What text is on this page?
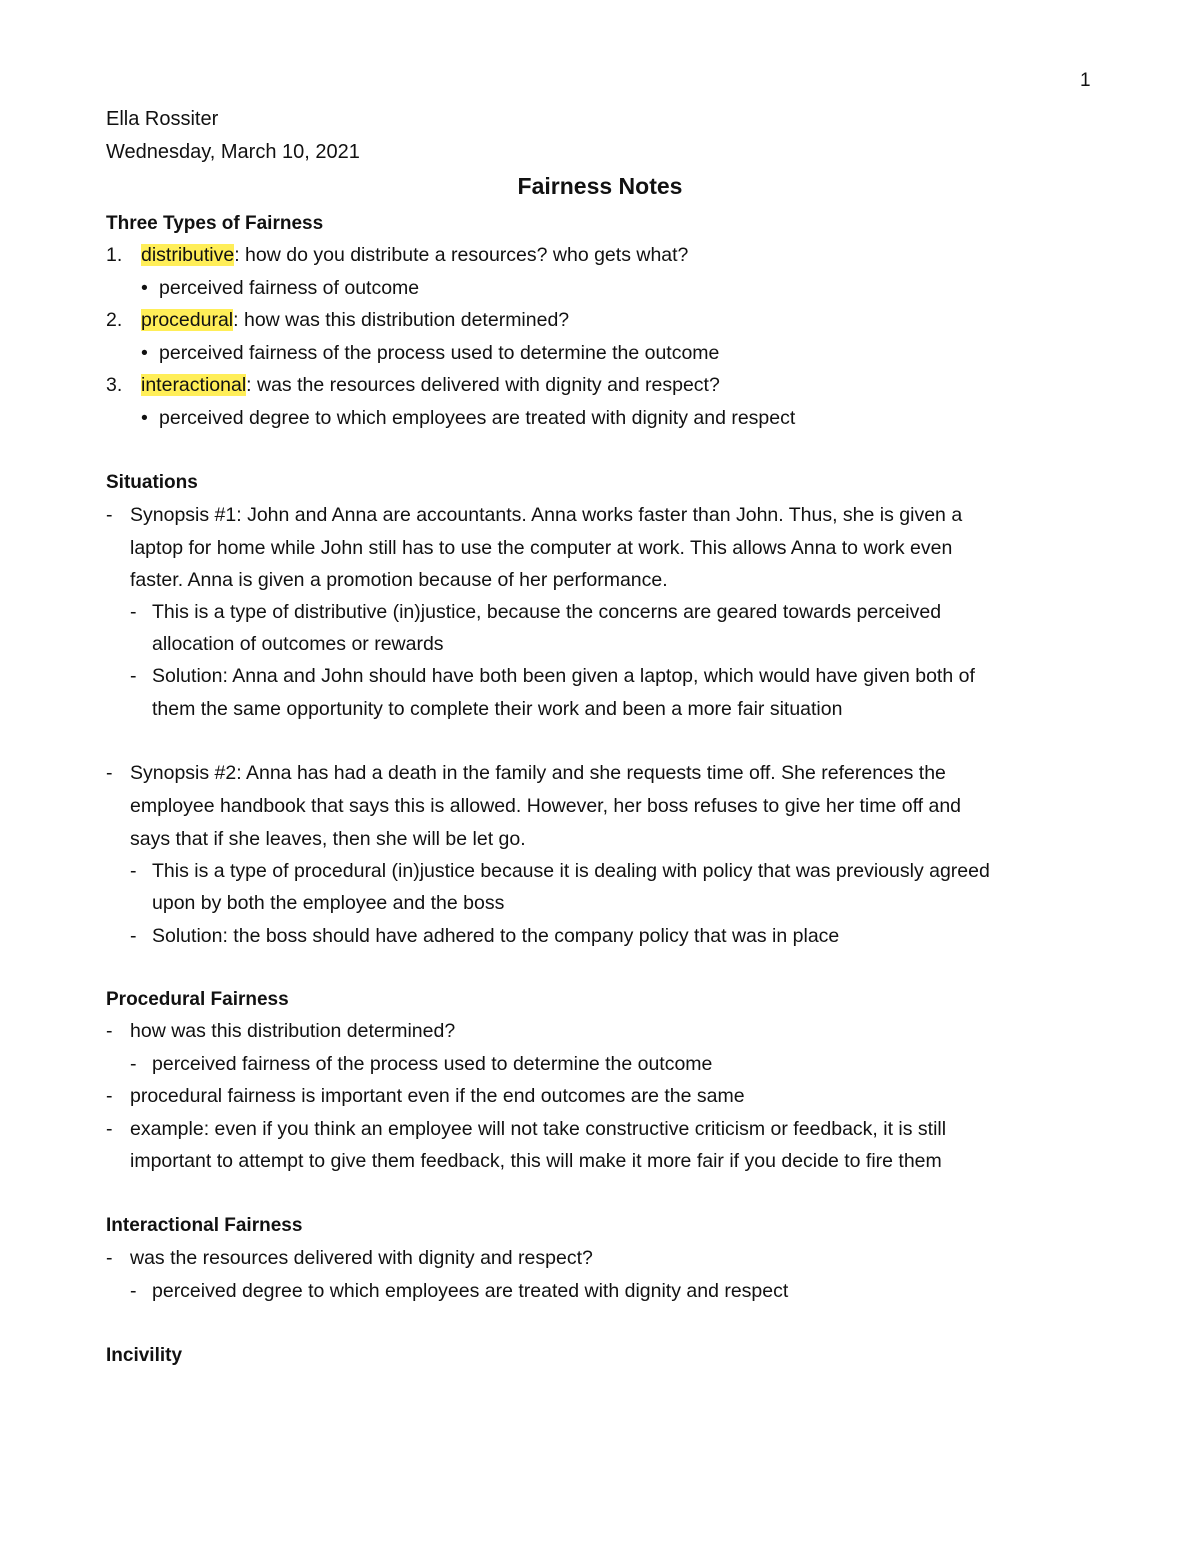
1
Ella Rossiter
Wednesday, March 10, 2021
Fairness Notes
Three Types of Fairness
1. distributive: how do you distribute a resources? who gets what?
• perceived fairness of outcome
2. procedural: how was this distribution determined?
• perceived fairness of the process used to determine the outcome
3. interactional: was the resources delivered with dignity and respect?
• perceived degree to which employees are treated with dignity and respect
Situations
- Synopsis #1: John and Anna are accountants. Anna works faster than John. Thus, she is given a
laptop for home while John still has to use the computer at work. This allows Anna to work even
faster. Anna is given a promotion because of her performance.
- This is a type of distributive (in)justice, because the concerns are geared towards perceived
allocation of outcomes or rewards
- Solution: Anna and John should have both been given a laptop, which would have given both of
them the same opportunity to complete their work and been a more fair situation
- Synopsis #2: Anna has had a death in the family and she requests time off. She references the
employee handbook that says this is allowed. However, her boss refuses to give her time off and
says that if she leaves, then she will be let go.
- This is a type of procedural (in)justice because it is dealing with policy that was previously agreed
upon by both the employee and the boss
- Solution: the boss should have adhered to the company policy that was in place
Procedural Fairness
- how was this distribution determined?
- perceived fairness of the process used to determine the outcome
- procedural fairness is important even if the end outcomes are the same
- example: even if you think an employee will not take constructive criticism or feedback, it is still
important to attempt to give them feedback, this will make it more fair if you decide to fire them
Interactional Fairness
- was the resources delivered with dignity and respect?
- perceived degree to which employees are treated with dignity and respect
Incivility
